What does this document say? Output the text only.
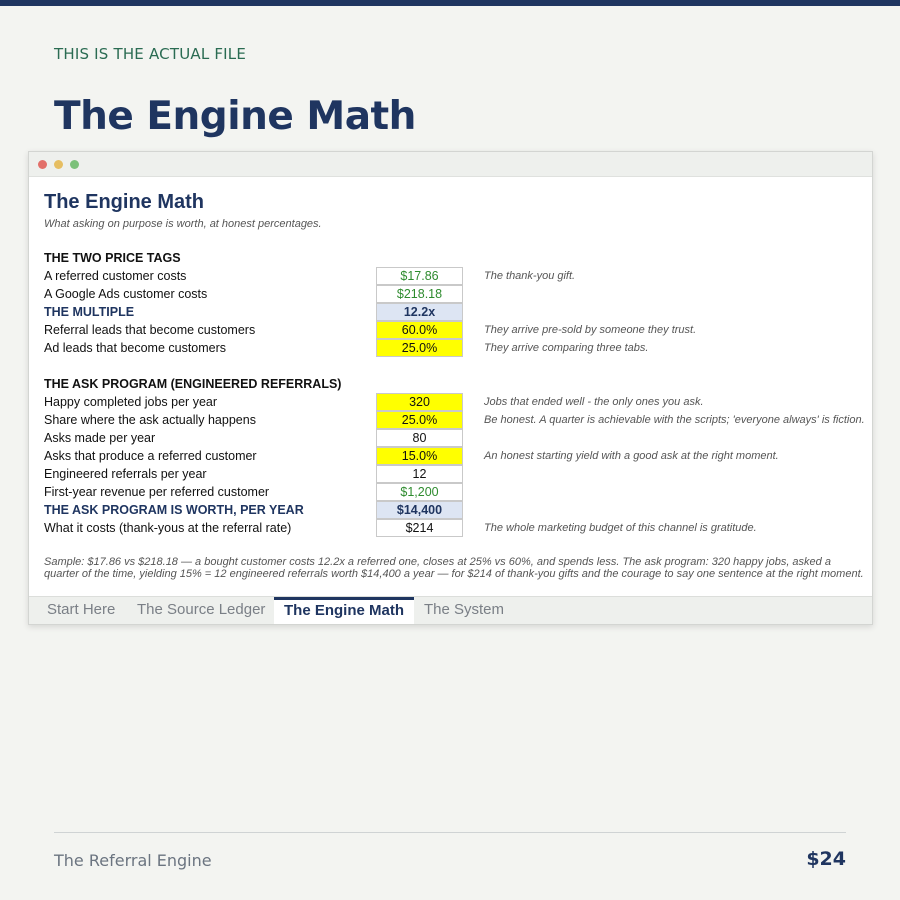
THIS IS THE ACTUAL FILE
The Engine Math
The Engine Math
What asking on purpose is worth, at honest percentages.
THE TWO PRICE TAGS
A referred customer costs	$17.86	The thank-you gift.
A Google Ads customer costs	$218.18
THE MULTIPLE	12.2x
Referral leads that become customers	60.0%	They arrive pre-sold by someone they trust.
Ad leads that become customers	25.0%	They arrive comparing three tabs.
THE ASK PROGRAM (ENGINEERED REFERRALS)
Happy completed jobs per year	320	Jobs that ended well - the only ones you ask.
Share where the ask actually happens	25.0%	Be honest. A quarter is achievable with the scripts; 'everyone always' is fiction.
Asks made per year	80
Asks that produce a referred customer	15.0%	An honest starting yield with a good ask at the right moment.
Engineered referrals per year	12
First-year revenue per referred customer	$1,200
THE ASK PROGRAM IS WORTH, PER YEAR	$14,400
What it costs (thank-yous at the referral rate)	$214	The whole marketing budget of this channel is gratitude.
Sample: $17.86 vs $218.18 — a bought customer costs 12.2x a referred one, closes at 25% vs 60%, and spends less. The ask program: 320 happy jobs, asked a quarter of the time, yielding 15% = 12 engineered referrals worth $14,400 a year — for $214 of thank-you gifts and the courage to say one sentence at the right moment.
Start Here	The Source Ledger	The Engine Math	The System
The Referral Engine	$24
